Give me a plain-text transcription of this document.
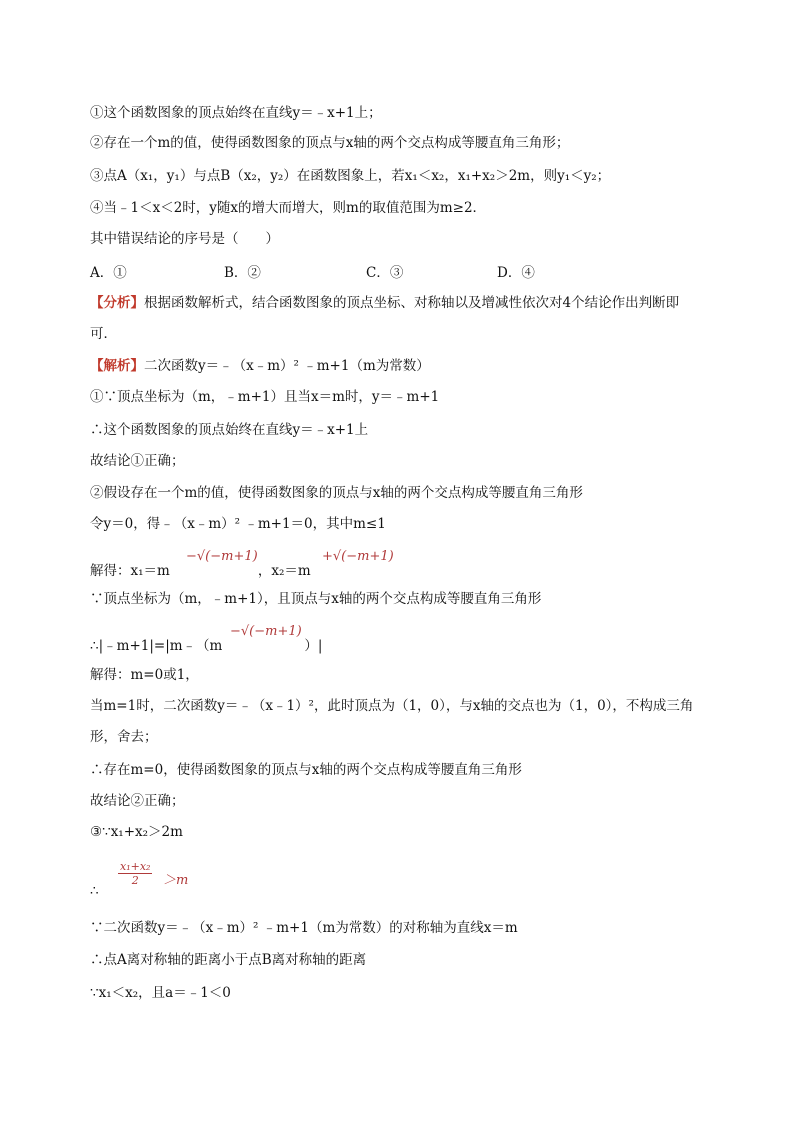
①这个函数图象的顶点始终在直线y＝﹣x+1上；
②存在一个m的值，使得函数图象的顶点与x轴的两个交点构成等腰直角三角形；
③点A（x₁，y₁）与点B（x₂，y₂）在函数图象上，若x₁＜x₂，x₁+x₂＞2m，则y₁＜y₂；
④当﹣1＜x＜2时，y随x的增大而增大，则m的取值范围为m≥2．
其中错误结论的序号是（　　）
A．①	B．②	C．③	D．④
【分析】根据函数解析式，结合函数图象的顶点坐标、对称轴以及增减性依次对4个结论作出判断即
可．
【解析】二次函数y＝﹣（x﹣m）² ﹣m+1（m为常数）
①∵顶点坐标为（m，﹣m+1）且当x＝m时，y＝﹣m+1
∴这个函数图象的顶点始终在直线y＝﹣x+1上
故结论①正确；
②假设存在一个m的值，使得函数图象的顶点与x轴的两个交点构成等腰直角三角形
令y＝0，得﹣（x﹣m）² ﹣m+1＝0，其中m≤1
−√(−m+1)	+√(−m+1)
解得：x₁＝m	，x₂＝m
∵顶点坐标为（m，﹣m+1），且顶点与x轴的两个交点构成等腰直角三角形
−√(−m+1)
∴|﹣m+1|=|m﹣（m	）|
解得：m=0或1，
当m=1时，二次函数y＝﹣（x﹣1）²，此时顶点为（1，0），与x轴的交点也为（1，0），不构成三角
形，舍去；
∴存在m=0，使得函数图象的顶点与x轴的两个交点构成等腰直角三角形
故结论②正确；
③∵x₁+x₂＞2m
$\frac{\text{x₁+x₂}}{2} >m$
∴
∵二次函数y＝﹣（x﹣m）² ﹣m+1（m为常数）的对称轴为直线x＝m
∴点A离对称轴的距离小于点B离对称轴的距离
∵x₁＜x₂，且a＝﹣1＜0
